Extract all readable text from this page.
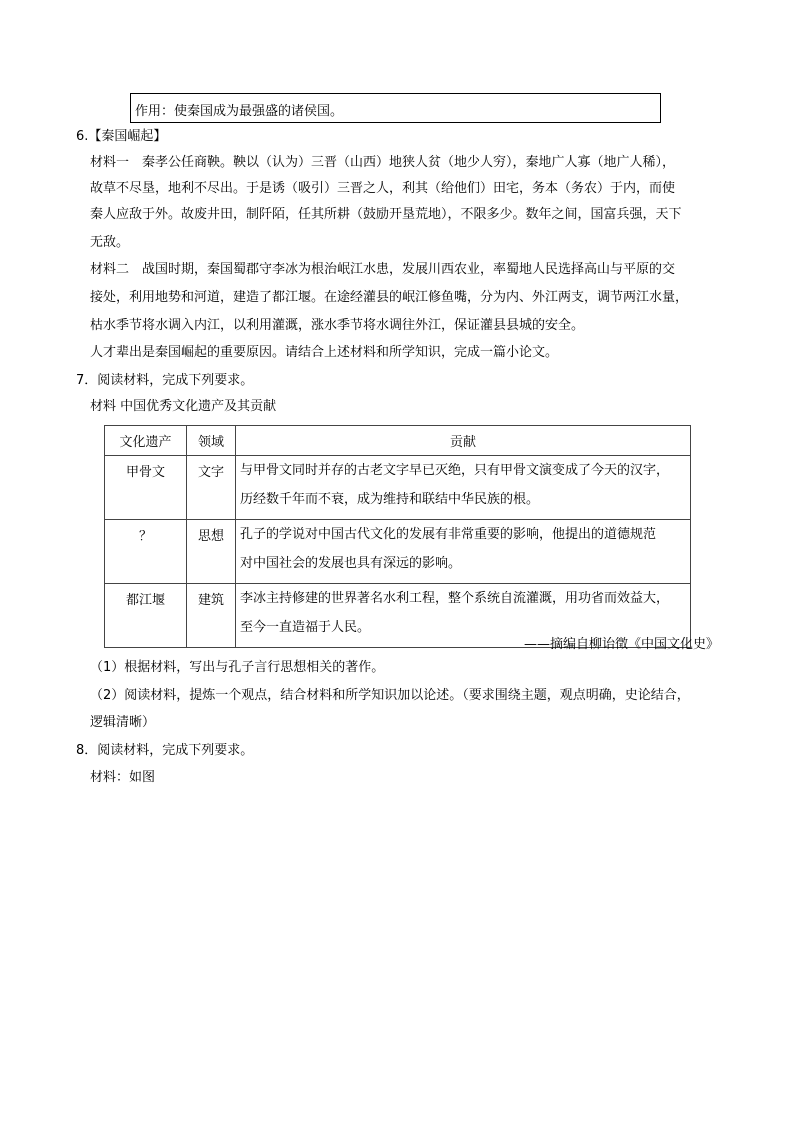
作用：使秦国成为最强盛的诸侯国。
6.【秦国崛起】
材料一　秦孝公任商鞅。鞅以（认为）三晋（山西）地狭人贫（地少人穷），秦地广人寡（地广人稀），
故草不尽垦，地利不尽出。于是诱（吸引）三晋之人，利其（给他们）田宅，务本（务农）于内，而使
秦人应敌于外。故废井田，制阡陌，任其所耕（鼓励开垦荒地），不限多少。数年之间，国富兵强，天下
无敌。
材料二　战国时期，秦国蜀郡守李冰为根治岷江水患，发展川西农业，率蜀地人民选择高山与平原的交
接处，利用地势和河道，建造了都江堰。在途经灌县的岷江修鱼嘴，分为内、外江两支，调节两江水量，
枯水季节将水调入内江，以利用灌溉，涨水季节将水调往外江，保证灌县县城的安全。
人才辈出是秦国崛起的重要原因。请结合上述材料和所学知识，完成一篇小论文。
7．阅读材料，完成下列要求。
材料 中国优秀文化遗产及其贡献
文化遗产	领域	贡献
甲骨文	文字	与甲骨文同时并存的古老文字早已灭绝，只有甲骨文演变成了今天的汉字，
历经数千年而不衰，成为维持和联结中华民族的根。

？	思想	孔子的学说对中国古代文化的发展有非常重要的影响，他提出的道德规范
对中国社会的发展也具有深远的影响。

都江堰	建筑	李冰主持修建的世界著名水利工程，整个系统自流灌溉，用功省而效益大，
至今一直造福于人民。
——摘编自柳诒徵《中国文化史》
（1）根据材料，写出与孔子言行思想相关的著作。
（2）阅读材料，提炼一个观点，结合材料和所学知识加以论述。（要求围绕主题，观点明确，史论结合，
逻辑清晰）
8．阅读材料，完成下列要求。
材料：如图
